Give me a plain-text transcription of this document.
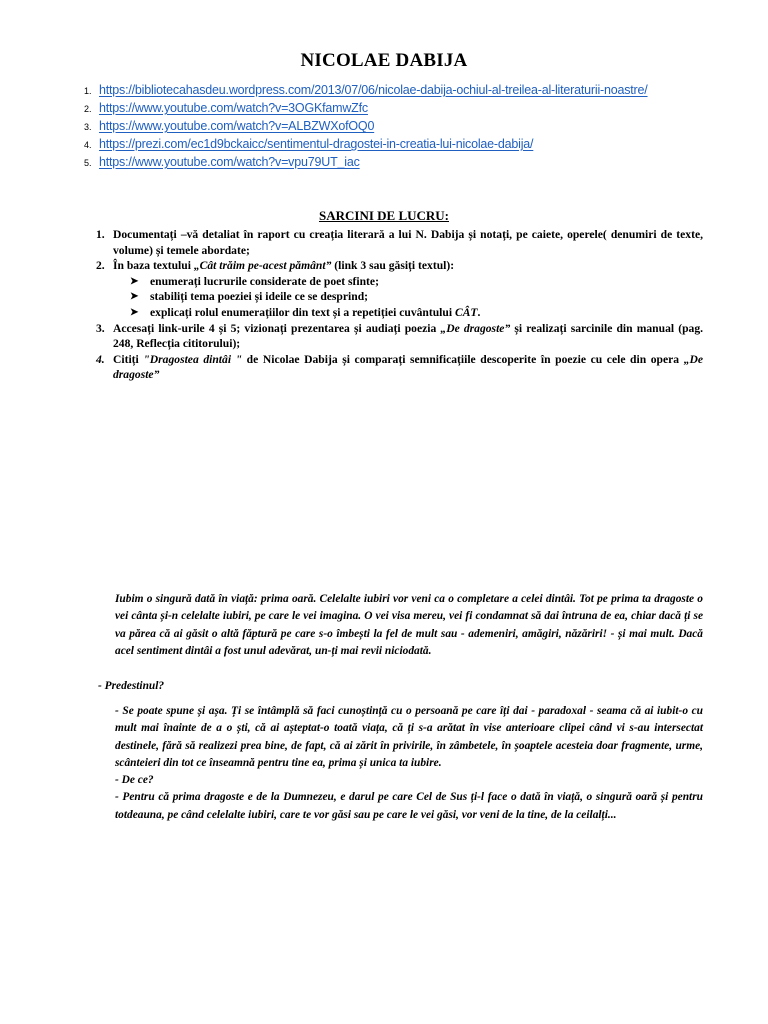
NICOLAE DABIJA
1. https://bibliotecahasdeu.wordpress.com/2013/07/06/nicolae-dabija-ochiul-al-treilea-al-literaturii-noastre/
2. https://www.youtube.com/watch?v=3OGKfamwZfc
3. https://www.youtube.com/watch?v=ALBZWXofOQ0
4. https://prezi.com/ec1d9bckaicc/sentimentul-dragostei-in-creatia-lui-nicolae-dabija/
5. https://www.youtube.com/watch?v=vpu79UT_iac
SARCINI DE LUCRU:
1. Documentați –vă detaliat în raport cu creația literară a lui N. Dabija și notați, pe caiete, operele( denumiri de texte, volume) și temele abordate;
2. În baza textului „Cât trăim pe-acest pământ” (link 3 sau găsiți textul):
➤ enumerați lucrurile considerate de poet sfinte;
➤ stabiliți tema poeziei și ideile ce se desprind;
➤ explicați rolul enumerațiilor din text și a repetiției cuvântului CÂT.
3. Accesați link-urile 4 și 5; vizionați prezentarea și audiați poezia „De dragoste” și realizați sarcinile din manual (pag. 248, Reflecția cititorului);
4. Citiți "Dragostea dintâi " de Nicolae Dabija și comparați semnificațiile descoperite în poezie cu cele din opera „De dragoste”
Iubim o singură dată în viață: prima oară. Celelalte iubiri vor veni ca o completare a celei dintâi. Tot pe prima ta dragoste o vei cânta și-n celelalte iubiri, pe care le vei imagina. O vei visa mereu, vei fi condamnat să dai întruna de ea, chiar dacă ți se va părea că ai găsit o altă făptură pe care s-o îmbești la fel de mult sau - ademeniri, amăgiri, năzăriri! - și mai mult. Dacă acel sentiment dintâi a fost unul adevărat, un-ți mai revii niciodată.
- Predestinul?

- Se poate spune și așa. Ți se întâmplă să faci cunoștință cu o persoană pe care îți dai - paradoxal - seama că ai iubit-o cu mult mai înainte de a o ști, că ai așteptat-o toată viața, că ți s-a arătat în vise anterioare clipei când vi s-au intersectat destinele, fără să realizezi prea bine, de fapt, că ai zărit în privirile, în zâmbetele, în șoaptele acesteia doar fragmente, urme, scânteieri din tot ce înseamnă pentru tine ea, prima și unica ta iubire.

- De ce?

- Pentru că prima dragoste e de la Dumnezeu, e darul pe care Cel de Sus ți-l face o dată în viață, o singură oară și pentru totdeauna, pe când celelalte iubiri, care te vor găsi sau pe care le vei găsi, vor veni de la tine, de la ceilalți...
